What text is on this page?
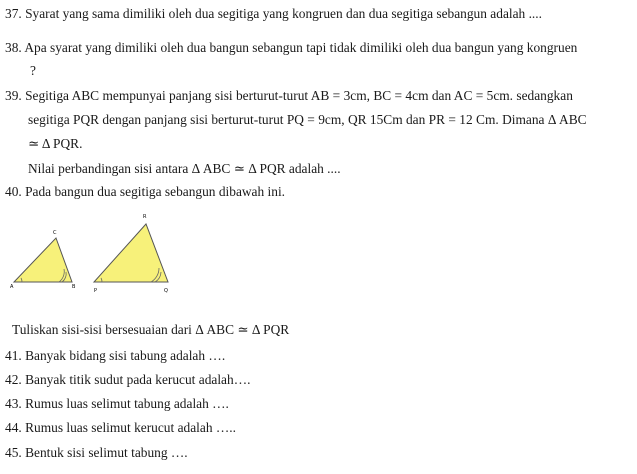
37. Syarat yang sama dimiliki oleh dua segitiga yang kongruen dan dua segitiga sebangun adalah ....
38. Apa syarat yang dimiliki oleh dua bangun sebangun tapi tidak dimiliki oleh dua bangun yang kongruen
?
39. Segitiga ABC mempunyai panjang sisi berturut-turut AB = 3cm, BC = 4cm dan AC = 5cm. sedangkan
segitiga PQR dengan panjang sisi berturut-turut PQ = 9cm, QR 15Cm dan PR = 12 Cm. Dimana Δ ABC
≃ Δ PQR.
Nilai perbandingan sisi antara Δ ABC ≃ Δ PQR adalah ....
40. Pada bangun dua segitiga sebangun dibawah ini.
A	B
C
P	Q
R
Tuliskan sisi-sisi bersesuaian dari Δ ABC ≃ Δ PQR
41. Banyak bidang sisi tabung adalah ….
42. Banyak titik sudut pada kerucut adalah….
43. Rumus luas selimut tabung adalah ….
44. Rumus luas selimut kerucut adalah …..
45. Bentuk sisi selimut tabung ….
